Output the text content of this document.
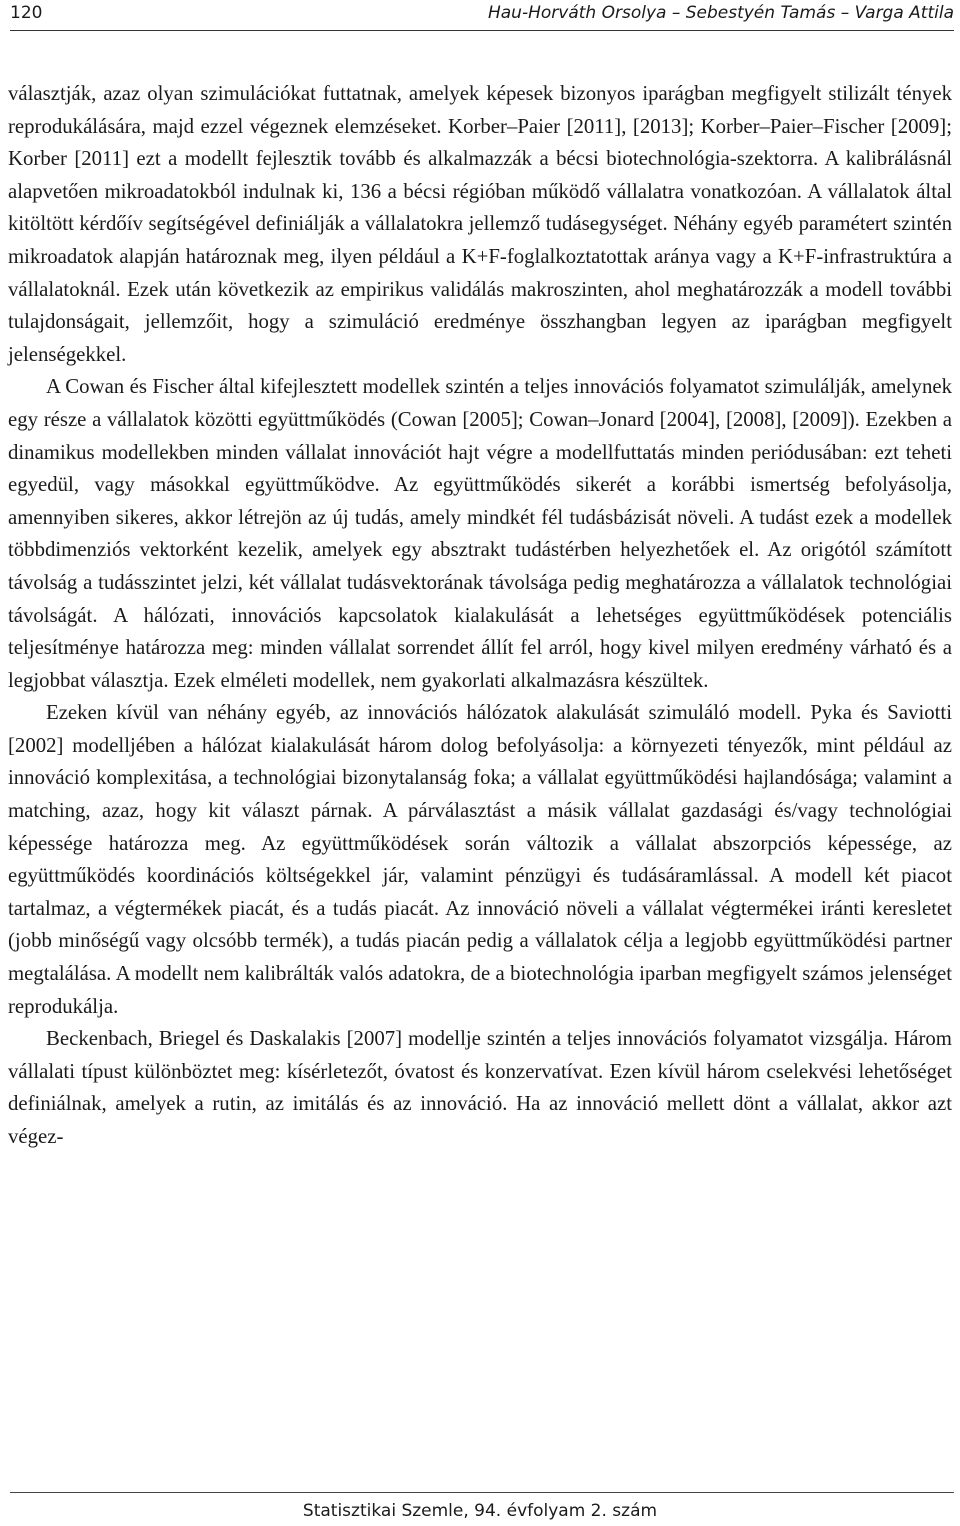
120	Hau-Horváth Orsolya – Sebestyén Tamás – Varga Attila

választják, azaz olyan szimulációkat futtatnak, amelyek képesek bizonyos iparágban megfigyelt stilizált tények reprodukálására, majd ezzel végeznek elemzéseket. Korber–Paier [2011], [2013]; Korber–Paier–Fischer [2009]; Korber [2011] ezt a modellt fejlesztik tovább és alkalmazzák a bécsi biotechnológia-szektorra. A kalibrálásnál alapvetően mikroadatokból indulnak ki, 136 a bécsi régióban működő vállalatra vonatkozóan. A vállalatok által kitöltött kérdőív segítségével definiálják a vállalatokra jellemző tudásegységet. Néhány egyéb paramétert szintén mikroadatok alapján határoznak meg, ilyen például a K+F-foglalkoztatottak aránya vagy a K+F-infrastruktúra a vállalatoknál. Ezek után következik az empirikus validálás makroszinten, ahol meghatározzák a modell további tulajdonságait, jellemzőit, hogy a szimuláció eredménye összhangban legyen az iparágban megfigyelt jelenségekkel.

A Cowan és Fischer által kifejlesztett modellek szintén a teljes innovációs folyamatot szimulálják, amelynek egy része a vállalatok közötti együttműködés (Cowan [2005]; Cowan–Jonard [2004], [2008], [2009]). Ezekben a dinamikus modellekben minden vállalat innovációt hajt végre a modellfuttatás minden periódusában: ezt teheti egyedül, vagy másokkal együttműködve. Az együttműködés sikerét a korábbi ismertség befolyásolja, amennyiben sikeres, akkor létrejön az új tudás, amely mindkét fél tudásbázisát növeli. A tudást ezek a modellek többdimenziós vektorként kezelik, amelyek egy absztrakt tudástérben helyezhetőek el. Az origótól számított távolság a tudásszintet jelzi, két vállalat tudásvektorának távolsága pedig meghatározza a vállalatok technológiai távolságát. A hálózati, innovációs kapcsolatok kialakulását a lehetséges együttműködések potenciális teljesítménye határozza meg: minden vállalat sorrendet állít fel arról, hogy kivel milyen eredmény várható és a legjobbat választja. Ezek elméleti modellek, nem gyakorlati alkalmazásra készültek.

Ezeken kívül van néhány egyéb, az innovációs hálózatok alakulását szimuláló modell. Pyka és Saviotti [2002] modelljében a hálózat kialakulását három dolog befolyásolja: a környezeti tényezők, mint például az innováció komplexitása, a technológiai bizonytalanság foka; a vállalat együttműködési hajlandósága; valamint a matching, azaz, hogy kit választ párnak. A párválasztást a másik vállalat gazdasági és/vagy technológiai képessége határozza meg. Az együttműködések során változik a vállalat abszorpciós képessége, az együttműködés koordinációs költségekkel jár, valamint pénzügyi és tudásáramlással. A modell két piacot tartalmaz, a végtermékek piacát, és a tudás piacát. Az innováció növeli a vállalat végtermékei iránti keresletet (jobb minőségű vagy olcsóbb termék), a tudás piacán pedig a vállalatok célja a legjobb együttműködési partner megtalálása. A modellt nem kalibrálták valós adatokra, de a biotechnológia iparban megfigyelt számos jelenséget reprodukálja.

Beckenbach, Briegel és Daskalakis [2007] modellje szintén a teljes innovációs folyamatot vizsgálja. Három vállalati típust különböztet meg: kísérletezőt, óvatost és konzervatívat. Ezen kívül három cselekvési lehetőséget definiálnak, amelyek a rutin, az imitálás és az innováció. Ha az innováció mellett dönt a vállalat, akkor azt végez-

Statisztikai Szemle, 94. évfolyam 2. szám
